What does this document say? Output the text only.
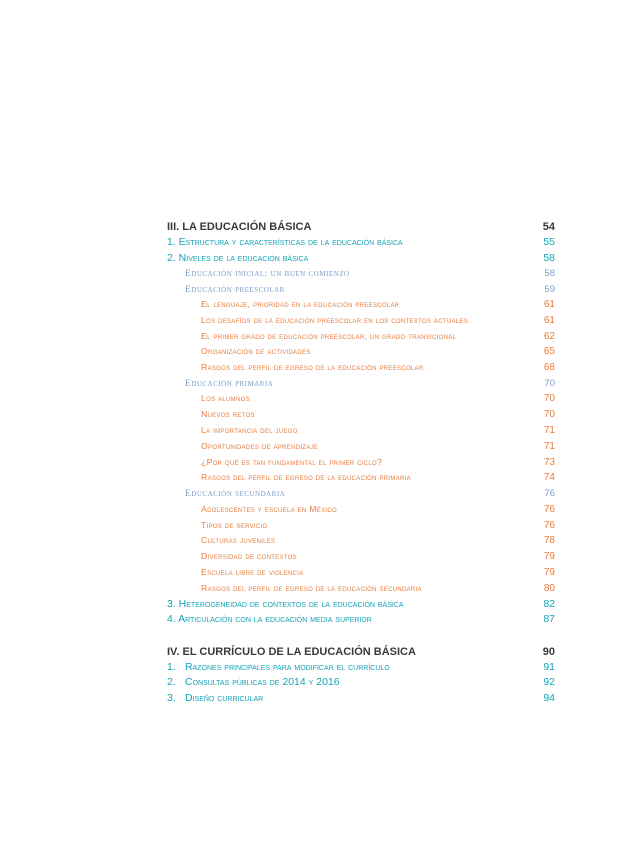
III. LA EDUCACIÓN BÁSICA	54
1. Estructura y características de la educación básica	55
2. Niveles de la educación básica	58
Educación inicial: un buen comienzo	58
Educación preescolar	59
El lenguaje, prioridad en la educación preescolar	61
Los desafíos de la educación preescolar en los contextos actuales	61
El primer grado de educación preescolar, un grado transicional	62
Organización de actividades	65
Rasgos del perfil de egreso de la educación preescolar	68
Educación primaria	70
Los alumnos	70
Nuevos retos	70
La importancia del juego	71
Oportunidades de aprendizaje	71
¿Por qué es tan fundamental el primer ciclo?	73
Rasgos del perfil de egreso de la educación primaria	74
Educación secundaria	76
Adolescentes y escuela en México	76
Tipos de servicio	76
Culturas juveniles	78
Diversidad de contextos	79
Escuela libre de violencia	79
Rasgos del perfil de egreso de la educación secundaria	80
3. Heterogeneidad de contextos de la educación básica	82
4. Articulación con la educación media superior	87
IV. EL CURRÍCULO DE LA EDUCACIÓN BÁSICA	90
1. Razones principales para modificar el currículo	91
2. Consultas públicas de 2014 y 2016	92
3. Diseño curricular	94
